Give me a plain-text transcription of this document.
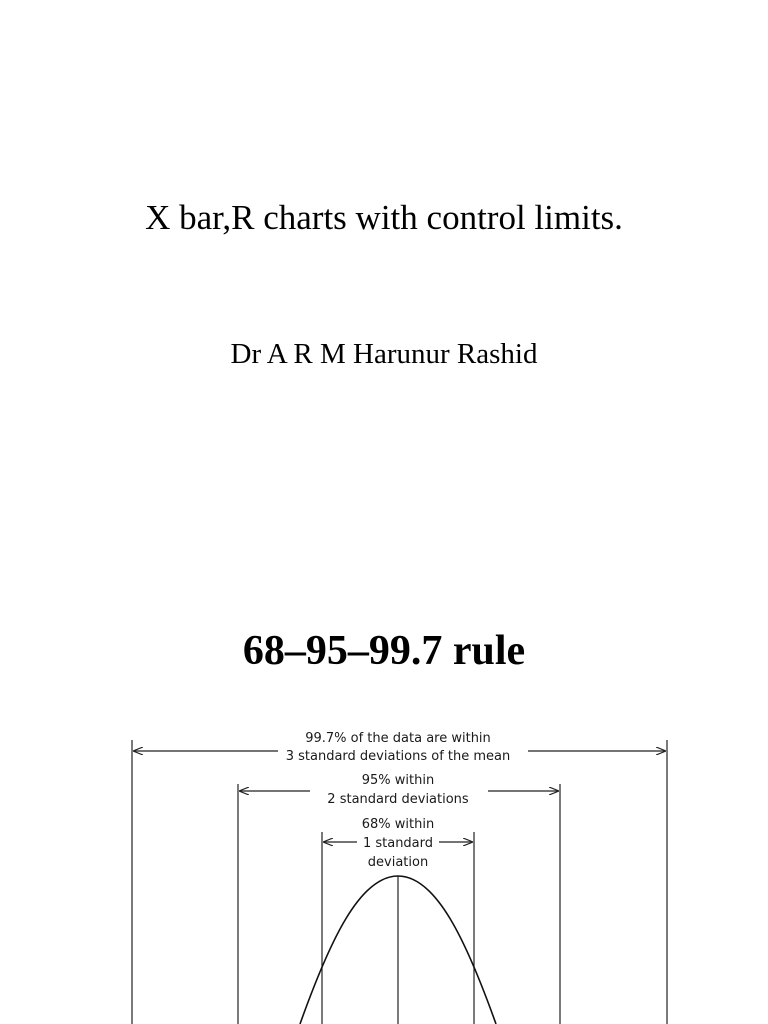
X bar,R charts with control limits.
Dr A R M Harunur Rashid
68–95–99.7 rule
99.7% of the data are within
3 standard deviations of the mean
95% within
2 standard deviations
68% within
1 standard
deviation
